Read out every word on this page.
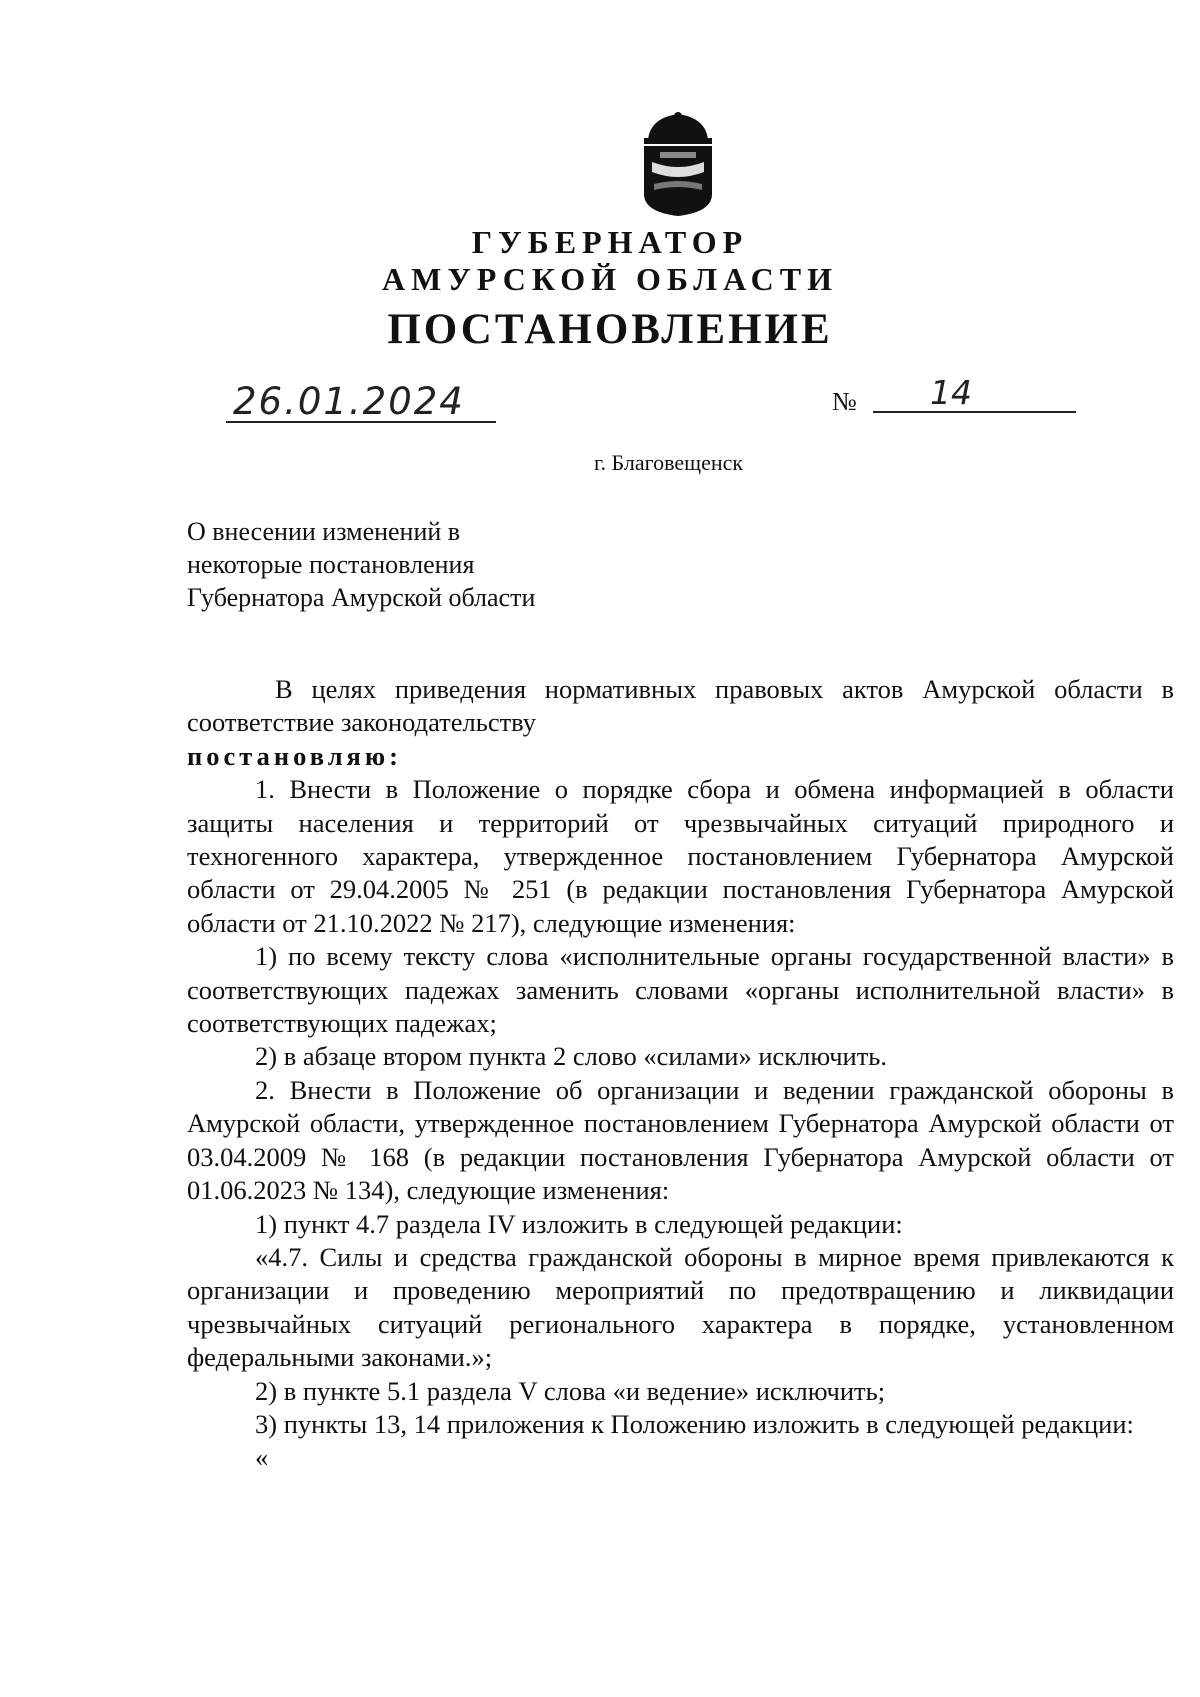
ГУБЕРНАТОР
АМУРСКОЙ ОБЛАСТИ
ПОСТАНОВЛЕНИЕ
26.01.2024	№ 14
г. Благовещенск
О внесении изменений в
некоторые постановления
Губернатора Амурской области

В целях приведения нормативных правовых актов Амурской области в соответствие законодательству

постановляю:

1. Внести в Положение о порядке сбора и обмена информацией в области защиты населения и территорий от чрезвычайных ситуаций природного и техногенного характера, утвержденное постановлением Губернатора Амурской области от 29.04.2005 № 251 (в редакции постановления Губернатора Амурской области от 21.10.2022 № 217), следующие изменения:

1) по всему тексту слова «исполнительные органы государственной власти» в соответствующих падежах заменить словами «органы исполнительной власти» в соответствующих падежах;

2) в абзаце втором пункта 2 слово «силами» исключить.

2. Внести в Положение об организации и ведении гражданской обороны в Амурской области, утвержденное постановлением Губернатора Амурской области от 03.04.2009 № 168 (в редакции постановления Губернатора Амурской области от 01.06.2023 № 134), следующие изменения:

1) пункт 4.7 раздела IV изложить в следующей редакции:

«4.7. Силы и средства гражданской обороны в мирное время привлекаются к организации и проведению мероприятий по предотвращению и ликвидации чрезвычайных ситуаций регионального характера в порядке, установленном федеральными законами.»;

2) в пункте 5.1 раздела V слова «и ведение» исключить;

3) пункты 13, 14 приложения к Положению изложить в следующей редакции:

«
